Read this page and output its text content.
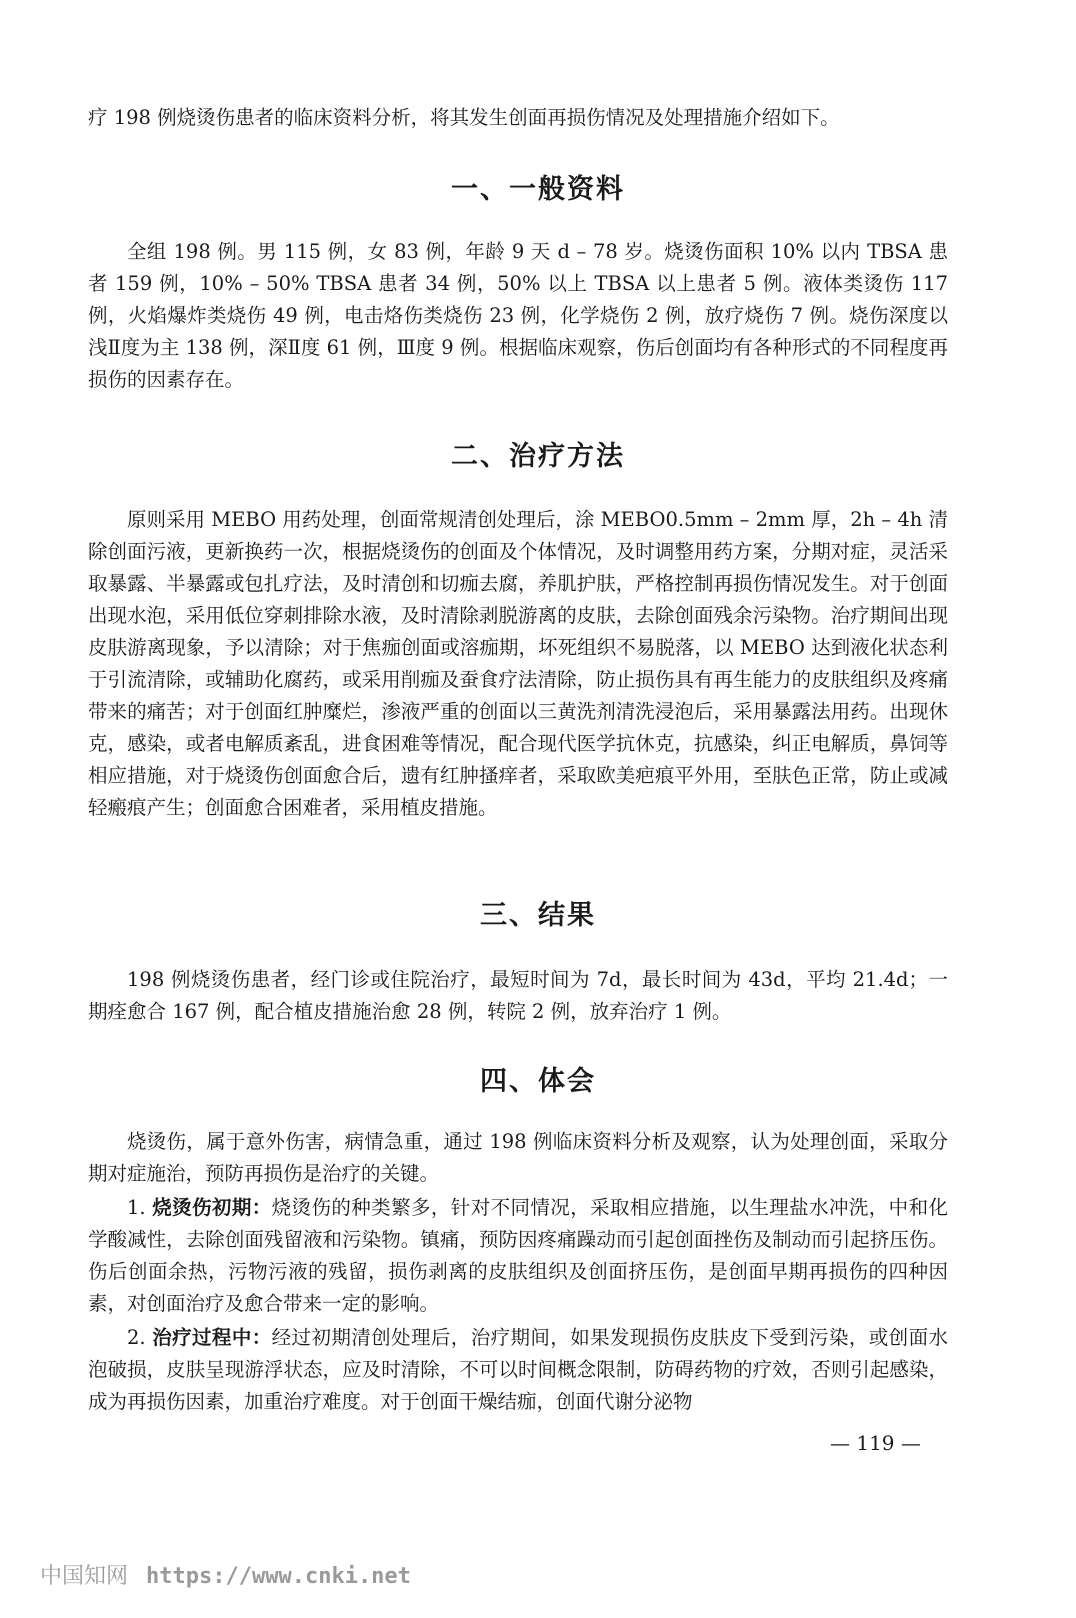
疗 198 例烧烫伤患者的临床资料分析，将其发生创面再损伤情况及处理措施介绍如下。

一、一般资料

全组 198 例。男 115 例，女 83 例，年龄 9 天 d – 78 岁。烧烫伤面积 10% 以内 TBSA 患者 159 例，10% – 50% TBSA 患者 34 例，50% 以上 TBSA 以上患者 5 例。液体类烫伤 117 例，火焰爆炸类烧伤 49 例，电击烙伤类烧伤 23 例，化学烧伤 2 例，放疗烧伤 7 例。烧伤深度以浅Ⅱ度为主 138 例，深Ⅱ度 61 例，Ⅲ度 9 例。根据临床观察，伤后创面均有各种形式的不同程度再损伤的因素存在。

二、治疗方法

原则采用 MEBO 用药处理，创面常规清创处理后，涂 MEBO0.5mm – 2mm 厚，2h – 4h 清除创面污液，更新换药一次，根据烧烫伤的创面及个体情况，及时调整用药方案，分期对症，灵活采取暴露、半暴露或包扎疗法，及时清创和切痂去腐，养肌护肤，严格控制再损伤情况发生。对于创面出现水泡，采用低位穿刺排除水液，及时清除剥脱游离的皮肤，去除创面残余污染物。治疗期间出现皮肤游离现象，予以清除；对于焦痂创面或溶痂期，坏死组织不易脱落，以 MEBO 达到液化状态利于引流清除，或辅助化腐药，或采用削痂及蚕食疗法清除，防止损伤具有再生能力的皮肤组织及疼痛带来的痛苦；对于创面红肿糜烂，渗液严重的创面以三黄洗剂清洗浸泡后，采用暴露法用药。出现休克，感染，或者电解质紊乱，进食困难等情况，配合现代医学抗休克，抗感染，纠正电解质，鼻饲等相应措施，对于烧烫伤创面愈合后，遗有红肿搔痒者，采取欧美疤痕平外用，至肤色正常，防止或减轻瘢痕产生；创面愈合困难者，采用植皮措施。

三、结果

198 例烧烫伤患者，经门诊或住院治疗，最短时间为 7d，最长时间为 43d，平均 21.4d；一期痊愈合 167 例，配合植皮措施治愈 28 例，转院 2 例，放弃治疗 1 例。

四、体会

烧烫伤，属于意外伤害，病情急重，通过 198 例临床资料分析及观察，认为处理创面，采取分期对症施治，预防再损伤是治疗的关键。

1. 烧烫伤初期：烧烫伤的种类繁多，针对不同情况，采取相应措施，以生理盐水冲洗，中和化学酸减性，去除创面残留液和污染物。镇痛，预防因疼痛躁动而引起创面挫伤及制动而引起挤压伤。伤后创面余热，污物污液的残留，损伤剥离的皮肤组织及创面挤压伤，是创面早期再损伤的四种因素，对创面治疗及愈合带来一定的影响。

2. 治疗过程中：经过初期清创处理后，治疗期间，如果发现损伤皮肤皮下受到污染，或创面水泡破损，皮肤呈现游浮状态，应及时清除，不可以时间概念限制，防碍药物的疗效，否则引起感染，成为再损伤因素，加重治疗难度。对于创面干燥结痂，创面代谢分泌物

— 119 —
中国知网 https://www.cnki.net
